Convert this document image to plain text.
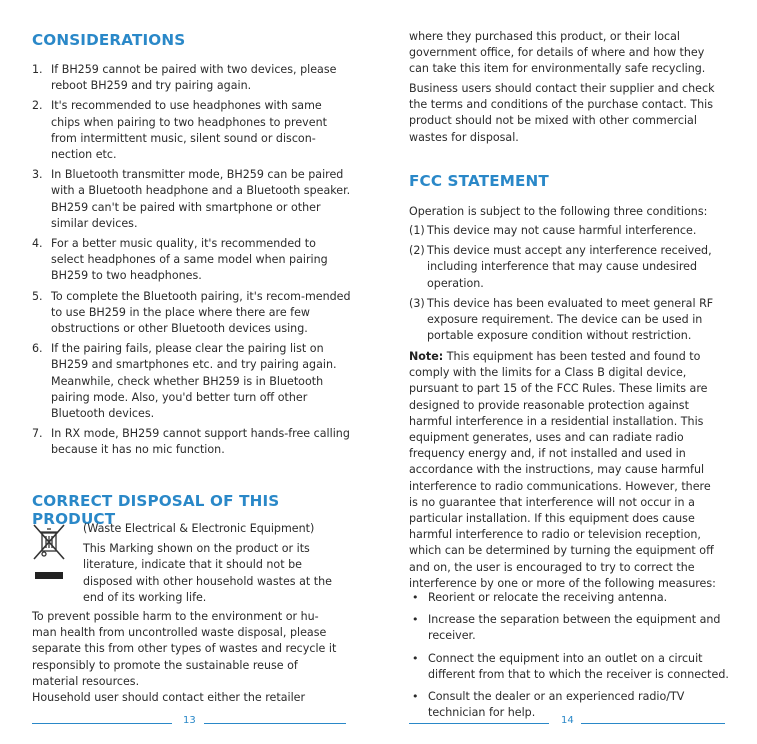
CONSIDERATIONS
1. If BH259 cannot be paired with two devices, please reboot BH259 and try pairing again.
2. It's recommended to use headphones with same chips when pairing to two headphones to prevent from intermittent music, silent sound or discon-nection etc.
3. In Bluetooth transmitter mode, BH259 can be paired with a Bluetooth headphone and a Bluetooth speaker. BH259 can't be paired with smartphone or other similar devices.
4. For a better music quality, it's recommended to select headphones of a same model when pairing BH259 to two headphones.
5. To complete the Bluetooth pairing, it's recom-mended to use BH259 in the place where there are few obstructions or other Bluetooth devices using.
6. If the pairing fails, please clear the pairing list on BH259 and smartphones etc. and try pairing again. Meanwhile, check whether BH259 is in Bluetooth pairing mode. Also, you'd better turn off other Bluetooth devices.
7. In RX mode, BH259 cannot support hands-free calling because it has no mic function.
CORRECT DISPOSAL OF THIS PRODUCT

(Waste Electrical & Electronic Equipment)

This Marking shown on the product or its literature, indicate that it should not be disposed with other household wastes at the end of its working life.

To prevent possible harm to the environment or hu-man health from uncontrolled waste disposal, please separate this from other types of wastes and recycle it responsibly to promote the sustainable reuse of material resources.

Household user should contact either the retailer

13

where they purchased this product, or their local government office, for details of where and how they can take this item for environmentally safe recycling.

Business users should contact their supplier and check the terms and conditions of the purchase contact. This product should not be mixed with other commercial wastes for disposal.

FCC STATEMENT

Operation is subject to the following three conditions:

(1) This device may not cause harmful interference.
(2) This device must accept any interference received, including interference that may cause undesired operation.
(3) This device has been evaluated to meet general RF exposure requirement. The device can be used in portable exposure condition without restriction.

Note: This equipment has been tested and found to comply with the limits for a Class B digital device, pursuant to part 15 of the FCC Rules. These limits are designed to provide reasonable protection against harmful interference in a residential installation. This equipment generates, uses and can radiate radio frequency energy and, if not installed and used in accordance with the instructions, may cause harmful interference to radio communications. However, there is no guarantee that interference will not occur in a particular installation. If this equipment does cause harmful interference to radio or television reception, which can be determined by turning the equipment off and on, the user is encouraged to try to correct the interference by one or more of the following measures:

• Reorient or relocate the receiving antenna.
• Increase the separation between the equipment and receiver.
• Connect the equipment into an outlet on a circuit different from that to which the receiver is connected.
• Consult the dealer or an experienced radio/TV technician for help.
14
